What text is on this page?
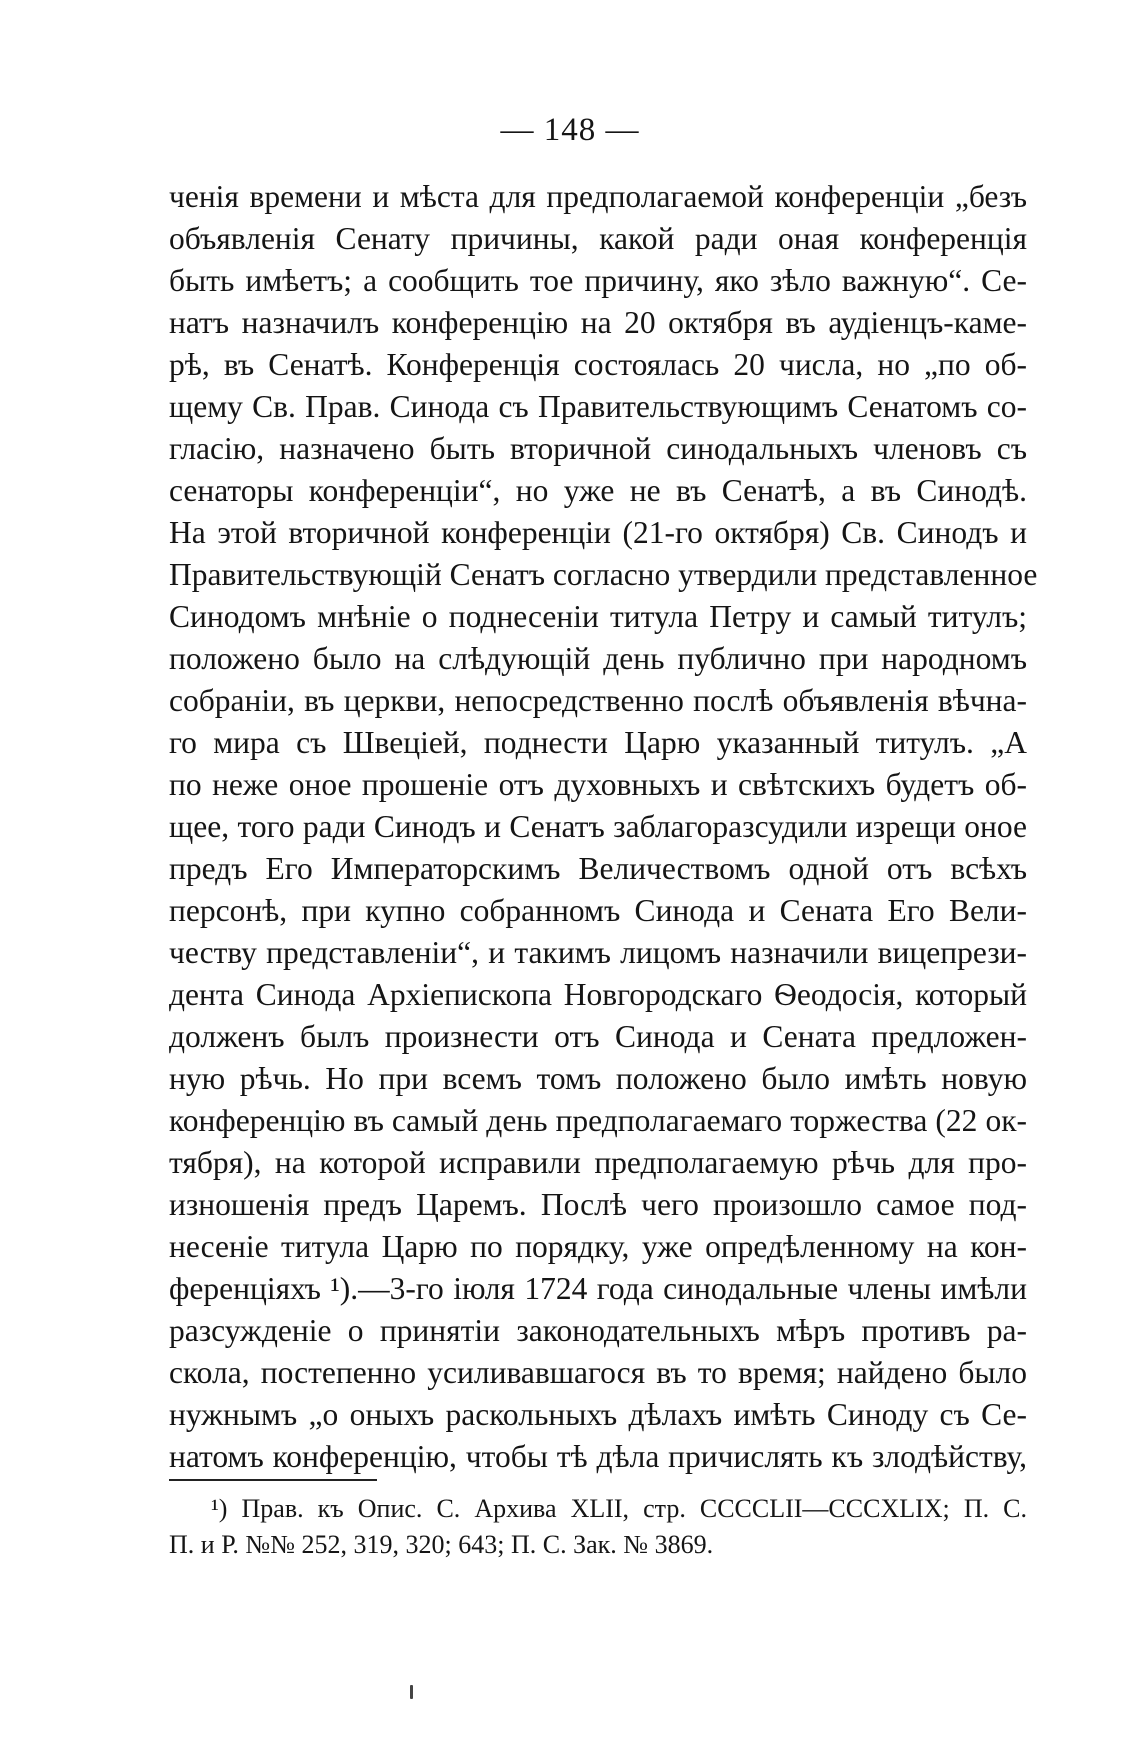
— 148 —
ченія времени и мѣста для предполагаемой конференціи „безъ
объявленія Сенату причины, какой ради оная конференція
быть имѣетъ; а сообщить тое причину, яко зѣло важную“. Се-
натъ назначилъ конференцію на 20 октября въ аудіенцъ-каме-
рѣ, въ Сенатѣ. Конференція состоялась 20 числа, но „по об-
щему Св. Прав. Синода съ Правительствующимъ Сенатомъ со-
гласію, назначено быть вторичной синодальныхъ членовъ съ
сенаторы конференціи“, но уже не въ Сенатѣ, а въ Синодѣ.
На этой вторичной конференціи (21-го октября) Св. Синодъ и
Правительствующій Сенатъ согласно утвердили представленное
Синодомъ мнѣніе о поднесеніи титула Петру и самый титулъ;
положено было на слѣдующій день публично при народномъ
собраніи, въ церкви, непосредственно послѣ объявленія вѣчна-
го мира съ Швеціей, поднести Царю указанный титулъ. „А
по неже оное прошеніе отъ духовныхъ и свѣтскихъ будетъ об-
щее, того ради Синодъ и Сенатъ заблагоразсудили изрещи оное
предъ Его Императорскимъ Величествомъ одной отъ всѣхъ
персонѣ, при купно собранномъ Синода и Сената Его Вели-
честву представленіи“, и такимъ лицомъ назначили вицепрези-
дента Синода Архіепископа Новгородскаго Ѳеодосія, который
долженъ былъ произнести отъ Синода и Сената предложен-
ную рѣчь. Но при всемъ томъ положено было имѣть новую
конференцію въ самый день предполагаемаго торжества (22 ок-
тября), на которой исправили предполагаемую рѣчь для про-
изношенія предъ Царемъ. Послѣ чего произошло самое под-
несеніе титула Царю по порядку, уже опредѣленному на кон-
ференціяхъ ¹).—3-го іюля 1724 года синодальные члены имѣли
разсужденіе о принятіи законодательныхъ мѣръ противъ ра-
скола, постепенно усиливавшагося въ то время; найдено было
нужнымъ „о оныхъ раскольныхъ дѣлахъ имѣть Синоду съ Се-
натомъ конференцію, чтобы тѣ дѣла причислять къ злодѣйству,
¹) Прав. къ Опис. С. Архива XLII, стр. CCCCLII—CCCXLIX; П. С.
П. и Р. №№ 252, 319, 320; 643; П. С. Зак. № 3869.
